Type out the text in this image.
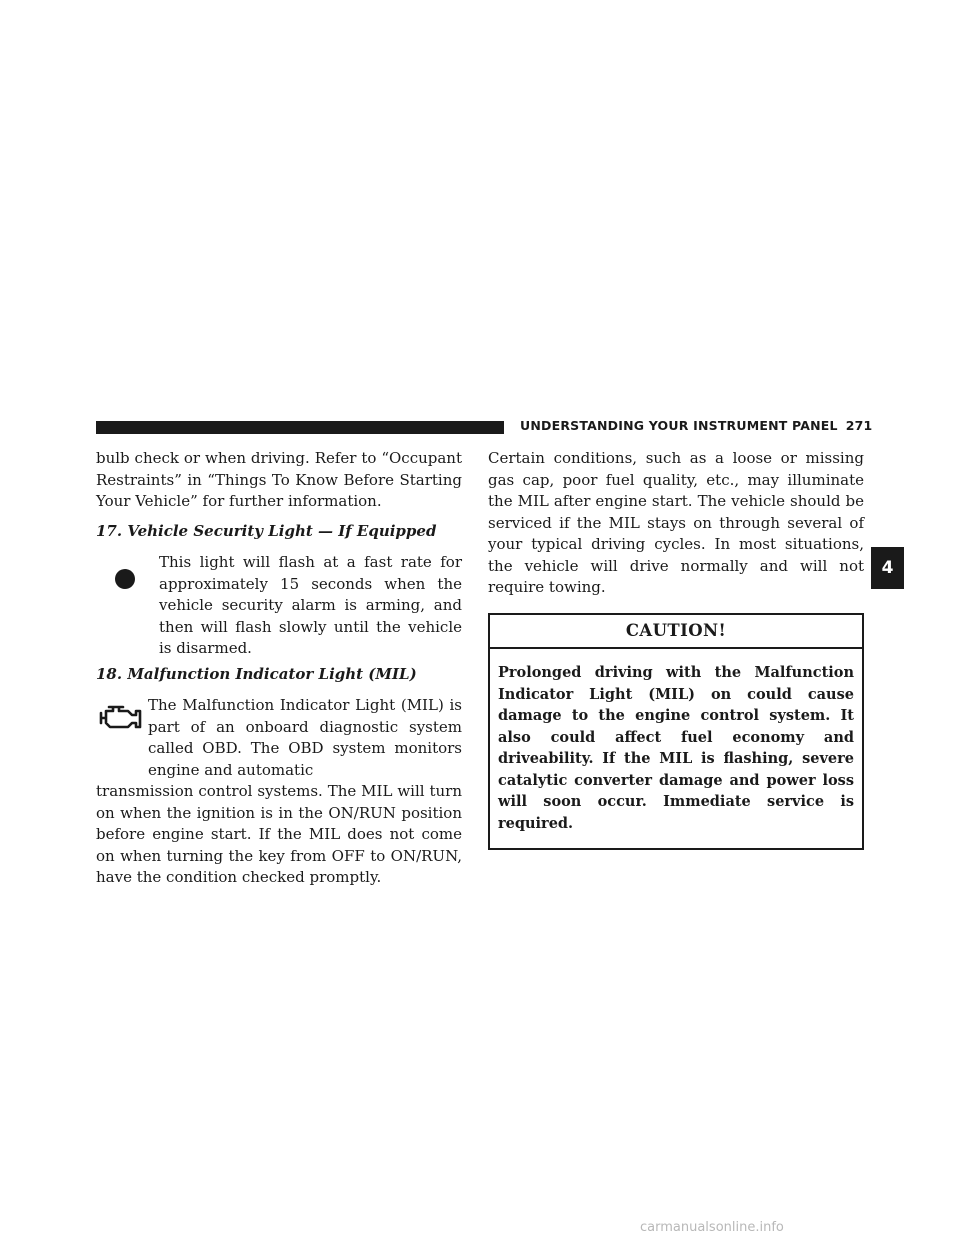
UNDERSTANDING YOUR INSTRUMENT PANEL 271

bulb check or when driving. Refer to “Occupant Restraints” in “Things To Know Before Starting Your Vehicle” for further information.

17. Vehicle Security Light — If Equipped

This light will flash at a fast rate for approximately 15 seconds when the vehicle security alarm is arming, and then will flash slowly until the vehicle is disarmed.

18. Malfunction Indicator Light (MIL)

The Malfunction Indicator Light (MIL) is part of an onboard diagnostic system called OBD. The OBD system monitors engine and automatic

transmission control systems. The MIL will turn on when the ignition is in the ON/RUN position before engine start. If the MIL does not come on when turning the key from OFF to ON/RUN, have the condition checked promptly.

Certain conditions, such as a loose or missing gas cap, poor fuel quality, etc., may illuminate the MIL after engine start. The vehicle should be serviced if the MIL stays on through several of your typical driving cycles. In most situations, the vehicle will drive normally and will not require towing.

CAUTION!
Prolonged driving with the Malfunction Indicator Light (MIL) on could cause damage to the engine control system. It also could affect fuel economy and driveability. If the MIL is flashing, severe catalytic converter damage and power loss will soon occur. Immediate service is required.
4
carmanualsonline.info
